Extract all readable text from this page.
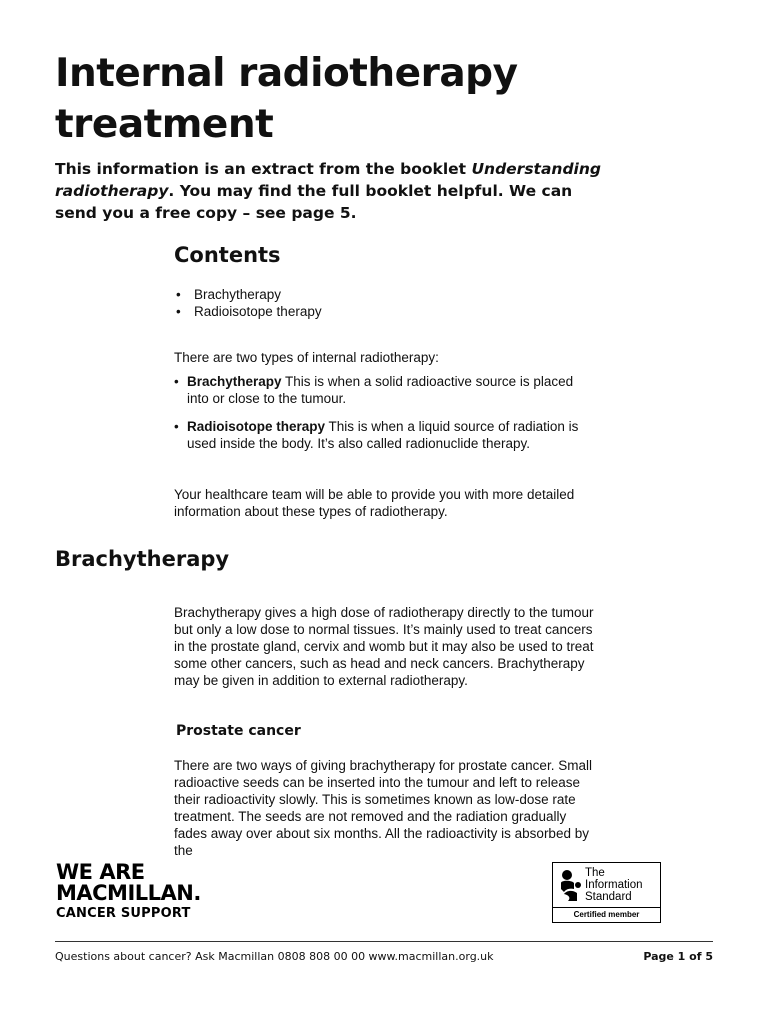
Internal radiotherapy treatment
This information is an extract from the booklet Understanding radiotherapy. You may find the full booklet helpful. We can send you a free copy – see page 5.
Contents
• Brachytherapy
• Radioisotope therapy
There are two types of internal radiotherapy:
• Brachytherapy This is when a solid radioactive source is placed into or close to the tumour.
• Radioisotope therapy This is when a liquid source of radiation is used inside the body. It’s also called radionuclide therapy.
Your healthcare team will be able to provide you with more detailed information about these types of radiotherapy.
Brachytherapy
Brachytherapy gives a high dose of radiotherapy directly to the tumour but only a low dose to normal tissues. It’s mainly used to treat cancers in the prostate gland, cervix and womb but it may also be used to treat some other cancers, such as head and neck cancers. Brachytherapy may be given in addition to external radiotherapy.
Prostate cancer
There are two ways of giving brachytherapy for prostate cancer. Small radioactive seeds can be inserted into the tumour and left to release their radioactivity slowly. This is sometimes known as low-dose rate treatment. The seeds are not removed and the radiation gradually fades away over about six months. All the radioactivity is absorbed by the
WE ARE
MACMILLAN.
CANCER SUPPORT
The
Information
Standard
Certified member
Questions about cancer? Ask Macmillan 0808 808 00 00 www.macmillan.org.uk	Page 1 of 5
